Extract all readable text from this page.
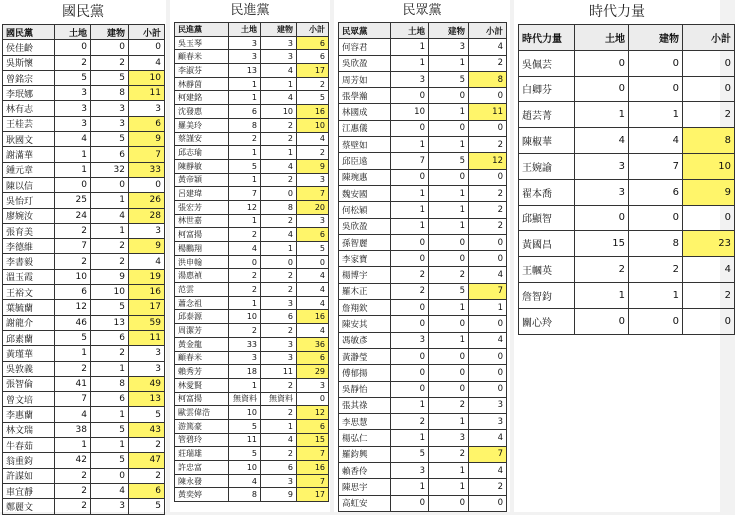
國民黨
國民黨	土地	建物	小計
侯佳齡	0	0	0
吳斯懷	2	2	4
曾銘宗	5	5	10
李珉娜	3	8	11
林有志	3	3	3
王桂芸	3	3	6
耿國文	4	5	9
謝滿華	1	6	7
鍾元章	1	32	33
陳以信	0	0	0
吳怡玎	25	1	26
廖婉汝	24	4	28
張育美	2	1	3
李德維	7	2	9
李書毅	2	2	4
溫玉霞	10	9	19
王裕文	6	10	16
葉毓蘭	12	5	17
謝龍介	46	13	59
邱素蘭	5	6	11
黃瑾華	1	2	3
吳敦義	2	1	3
張智倫	41	8	49
曾文培	7	6	13
李惠蘭	4	1	5
林文瑞	38	5	43
牛春茹	1	1	2
翁重鈞	42	5	47
許謀如	2	0	2
車宜靜	2	4	6
鄭麗文	2	3	5
民進黨
民進黨	土地	建物	小計
吳玉琴	3	3	6
顧春米	3	3	6
李淑芬	13	4	17
林靜茵	1	1	2
柯建銘	1	4	5
沈發惠	6	10	16
羅美玲	8	2	10
蔡謹安	2	2	4
邱志瑜	1	1	2
陳靜敏	5	4	9
黃帝穎	1	2	3
呂建瑋	7	0	7
張宏芳	12	8	20
林世嘉	1	2	3
柯富揚	2	4	6
楊鵬翔	4	1	5
洪申翰	0	0	0
湯惠禎	2	2	4
范雲	2	2	4
蕭念祖	1	3	4
邱泰源	10	6	16
周潔芳	2	2	4
黃金龍	33	3	36
顧春米	3	3	6
賴秀芳	18	11	29
林愛賢	1	2	3
柯富揚	無資料	無資料	0
歐雲偉浩	10	2	12
游篤豪	5	1	6
管碧玲	11	4	15
莊瑞雄	5	2	7
許忠富	10	6	16
陳永發	4	3	7
黃奕婷	8	9	17
民眾黨
民眾黨	土地	建物	小計
何容君	1	3	4
吳欣盈	1	1	2
周芳如	3	5	8
張學瀚	0	0	0
林國成	10	1	11
江惠儀	0	0	0
蔡壁如	1	1	2
邱臣遠	7	5	12
陳琬惠	0	0	0
魏安國	1	1	2
何松穎	1	1	2
吳欣盈	1	1	2
孫智麗	0	0	0
李家寶	0	0	0
楊博宇	2	2	4
羅木正	2	5	7
詹翔欽	0	1	1
陳安其	0	0	0
馮敏彥	3	1	4
黃瀞瑩	0	0	0
傅郁揚	0	0	0
吳靜怡	0	0	0
張其祿	1	2	3
李思慧	2	1	3
楊弘仁	1	3	4
羅鈞興	5	2	7
賴香伶	3	1	4
陳思宇	1	1	2
高虹安	0	0	0
時代力量
時代力量	土地	建物	小計
吳佩芸	0	0	0
白卿芬	0	0	0
趙芸菁	1	1	2
陳椒華	4	4	8
王婉諭	3	7	10
翟本喬	3	6	9
邱顯智	0	0	0
黃國昌	15	8	23
王幗英	2	2	4
詹智鈞	1	1	2
關心羚	0	0	0
